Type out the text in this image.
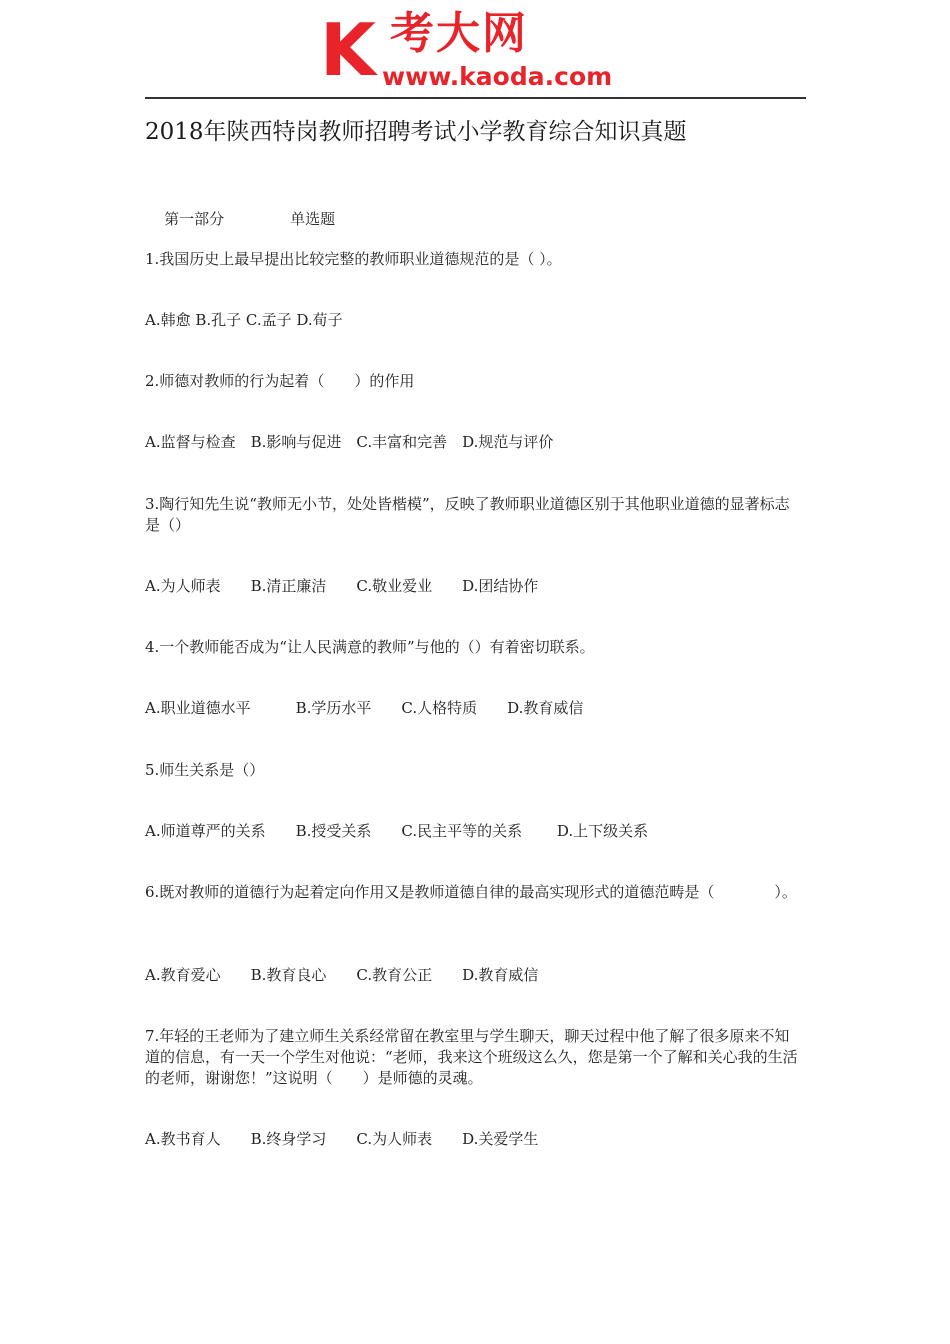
K 考大网
www.kaoda.com
2018年陕西特岗教师招聘考试小学教育综合知识真题

第一部分	单选题

1.我国历史上最早提出比较完整的教师职业道德规范的是（ ）。
A.韩愈 B.孔子 C.孟子 D.荀子
2.师德对教师的行为起着（　　）的作用
A.监督与检查　B.影响与促进　C.丰富和完善　D.规范与评价
3.陶行知先生说“教师无小节，处处皆楷模”，反映了教师职业道德区别于其他职业道德的显著标志是（）
A.为人师表　　B.清正廉洁　　C.敬业爱业　　D.团结协作
4.一个教师能否成为“让人民满意的教师”与他的（）有着密切联系。
A.职业道德水平　　　B.学历水平　　C.人格特质　　D.教育威信
5.师生关系是（）
A.师道尊严的关系　　B.授受关系　　C.民主平等的关系　　 D.上下级关系
6.既对教师的道德行为起着定向作用又是教师道德自律的最高实现形式的道德范畴是（　　　　）。
A.教育爱心　　B.教育良心　　C.教育公正　　D.教育威信
7.年轻的王老师为了建立师生关系经常留在教室里与学生聊天，聊天过程中他了解了很多原来不知道的信息，有一天一个学生对他说：“老师，我来这个班级这么久，您是第一个了解和关心我的生活的老师，谢谢您！”这说明（　　）是师德的灵魂。
A.教书育人　　B.终身学习　　C.为人师表　　D.关爱学生
